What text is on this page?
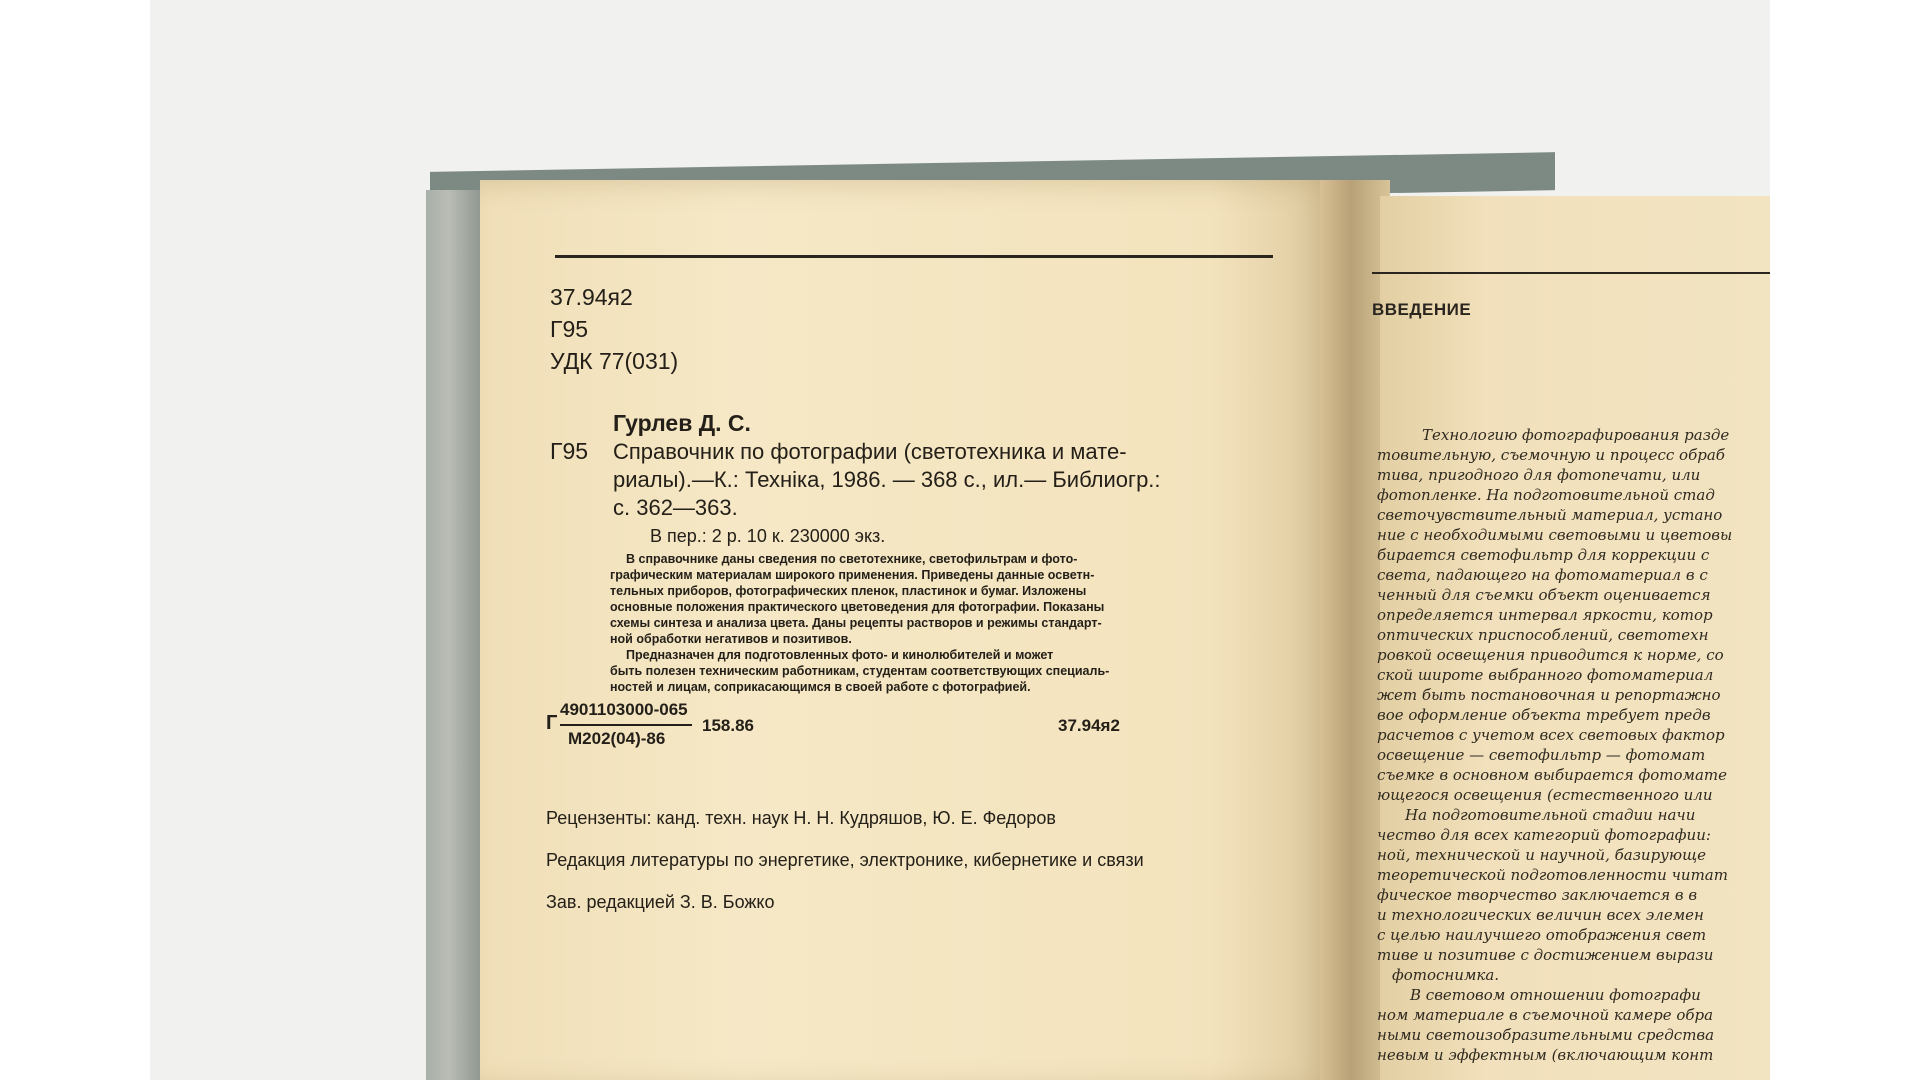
37.94я2
Г95
УДК 77(031)
Гурлев Д. С.
Г95 Справочник по фотографии (светотехника и мате-
риалы).—К.: Техніка, 1986. — 368 с., ил.— Библиогр.:
с. 362—363.
В пер.: 2 р. 10 к. 230000 экз.
В справочнике даны сведения по светотехнике, светофильтрам и фото-
графическим материалам широкого применения. Приведены данные осветн-
тельных приборов, фотографических пленок, пластинок и бумаг. Изложены
основные положения практического цветоведения для фотографии. Показаны
схемы синтеза и анализа цвета. Даны рецепты растворов и режимы стандарт-
ной обработки негативов и позитивов.
Предназначен для подготовленных фото- и кинолюбителей и может
быть полезен техническим работникам, студентам соответствующих специаль-
ностей и лицам, соприкасающимся в своей работе с фотографией.
Г
4901103000-065
М202(04)-86
158.86	37.94я2
Рецензенты: канд. техн. наук Н. Н. Кудряшов, Ю. Е. Федоров
Редакция литературы по энергетике, электронике, кибернетике и связи
Зав. редакцией З. В. Божко
ВВЕДЕНИЕ
Технологию фотографирования разде
товительную, съемочную и процесс обраб
тива, пригодного для фотопечати, или
фотопленке. На подготовительной стад
светочувствительный материал, устано
ние с необходимыми световыми и цветовы
бирается светофильтр для коррекции с
света, падающего на фотоматериал в с
ченный для съемки объект оценивается
определяется интервал яркости, котор
оптических приспособлений, светотехн
ровкой освещения приводится к норме, со
ской широте выбранного фотоматериал
жет быть постановочная и репортажно
вое оформление объекта требует предв
расчетов с учетом всех световых фактор
освещение — светофильтр — фотомат
съемке в основном выбирается фотомате
ющегося освещения (естественного или
На подготовительной стадии начи
чество для всех категорий фотографии:
ной, технической и научной, базирующе
теоретической подготовленности читат
фическое творчество заключается в в
и технологических величин всех элемен
с целью наилучшего отображения свет
тиве и позитиве с достижением вырази
фотоснимка.
В световом отношении фотографи
ном материале в съемочной камере обра
ными светоизобразительными средства
невым и эффектным (включающим конт
